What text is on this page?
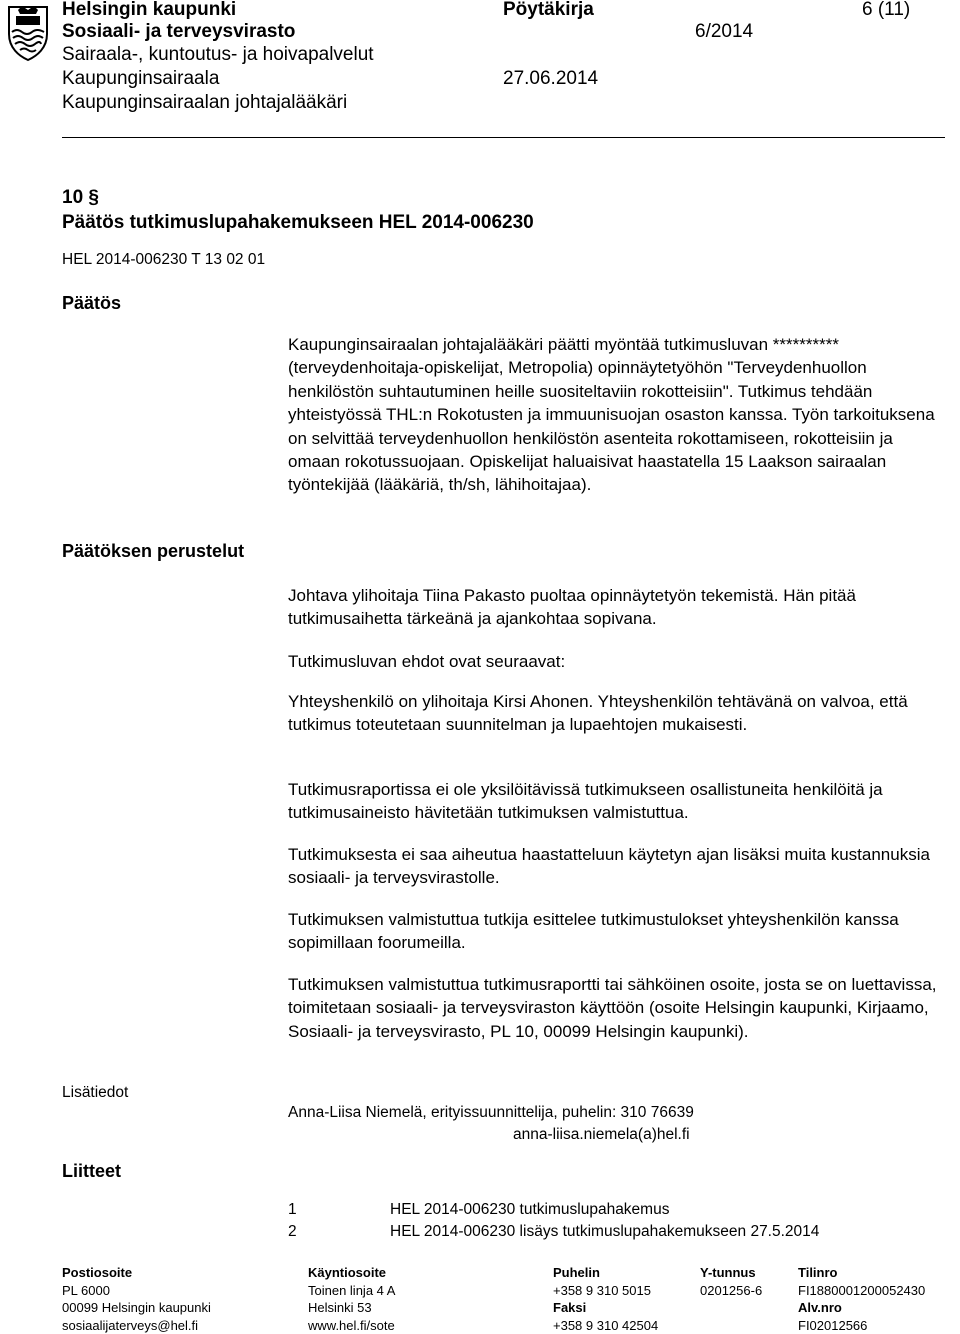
Helsingin kaupunki
Sosiaali- ja terveysvirasto
Sairaala-, kuntoutus- ja hoivapalvelut
Kaupunginsairaala
Kaupunginsairaalan johtajalääkäri
Pöytäkirja
6/2014
27.06.2014
6 (11)
10 §
Päätös tutkimuslupahakemukseen HEL 2014-006230
HEL 2014-006230 T 13 02 01
Päätös
Päätöksen perustelut
Lisätiedot
Liitteet

Kaupunginsairaalan johtajalääkäri päätti myöntää tutkimusluvan ********** (terveydenhoitaja-opiskelijat, Metropolia) opinnäytetyöhön "Terveydenhuollon henkilöstön suhtautuminen heille suositeltaviin rokotteisiin". Tutkimus tehdään yhteistyössä THL:n Rokotusten ja immuunisuojan osaston kanssa. Työn tarkoituksena on selvittää terveydenhuollon henkilöstön asenteita rokottamiseen, rokotteisiin ja omaan rokotussuojaan. Opiskelijat haluaisivat haastatella 15 Laakson sairaalan työntekijää (lääkäriä, th/sh, lähihoitajaa).

Johtava ylihoitaja Tiina Pakasto puoltaa opinnäytetyön tekemistä. Hän pitää tutkimusaihetta tärkeänä ja ajankohtaa sopivana.

Tutkimusluvan ehdot ovat seuraavat:

Yhteyshenkilö on ylihoitaja Kirsi Ahonen. Yhteyshenkilön tehtävänä on valvoa, että tutkimus toteutetaan suunnitelman ja lupaehtojen mukaisesti.

Tutkimusraportissa ei ole yksilöitävissä tutkimukseen osallistuneita henkilöitä ja tutkimusaineisto hävitetään tutkimuksen valmistuttua.

Tutkimuksesta ei saa aiheutua haastatteluun käytetyn ajan lisäksi muita kustannuksia sosiaali- ja terveysvirastolle.

Tutkimuksen valmistuttua tutkija esittelee tutkimustulokset yhteyshenkilön kanssa sopimillaan foorumeilla.

Tutkimuksen valmistuttua tutkimusraportti tai sähköinen osoite, josta se on luettavissa, toimitetaan sosiaali- ja terveysviraston käyttöön (osoite Helsingin kaupunki, Kirjaamo, Sosiaali- ja terveysvirasto, PL 10, 00099 Helsingin kaupunki).

Anna-Liisa Niemelä, erityissuunnittelija, puhelin: 310 76639
anna-liisa.niemela(a)hel.fi
1	HEL 2014-006230 tutkimuslupahakemus
2	HEL 2014-006230 lisäys tutkimuslupahakemukseen 27.5.2014
Postiosoite
PL 6000
00099 Helsingin kaupunki
sosiaalijaterveys@hel.fi
Käyntiosoite
Toinen linja 4 A
Helsinki 53
www.hel.fi/sote
Puhelin
+358 9 310 5015
Faksi
+358 9 310 42504
Y-tunnus
0201256-6
Tilinro
FI1880001200052430
Alv.nro
FI02012566
